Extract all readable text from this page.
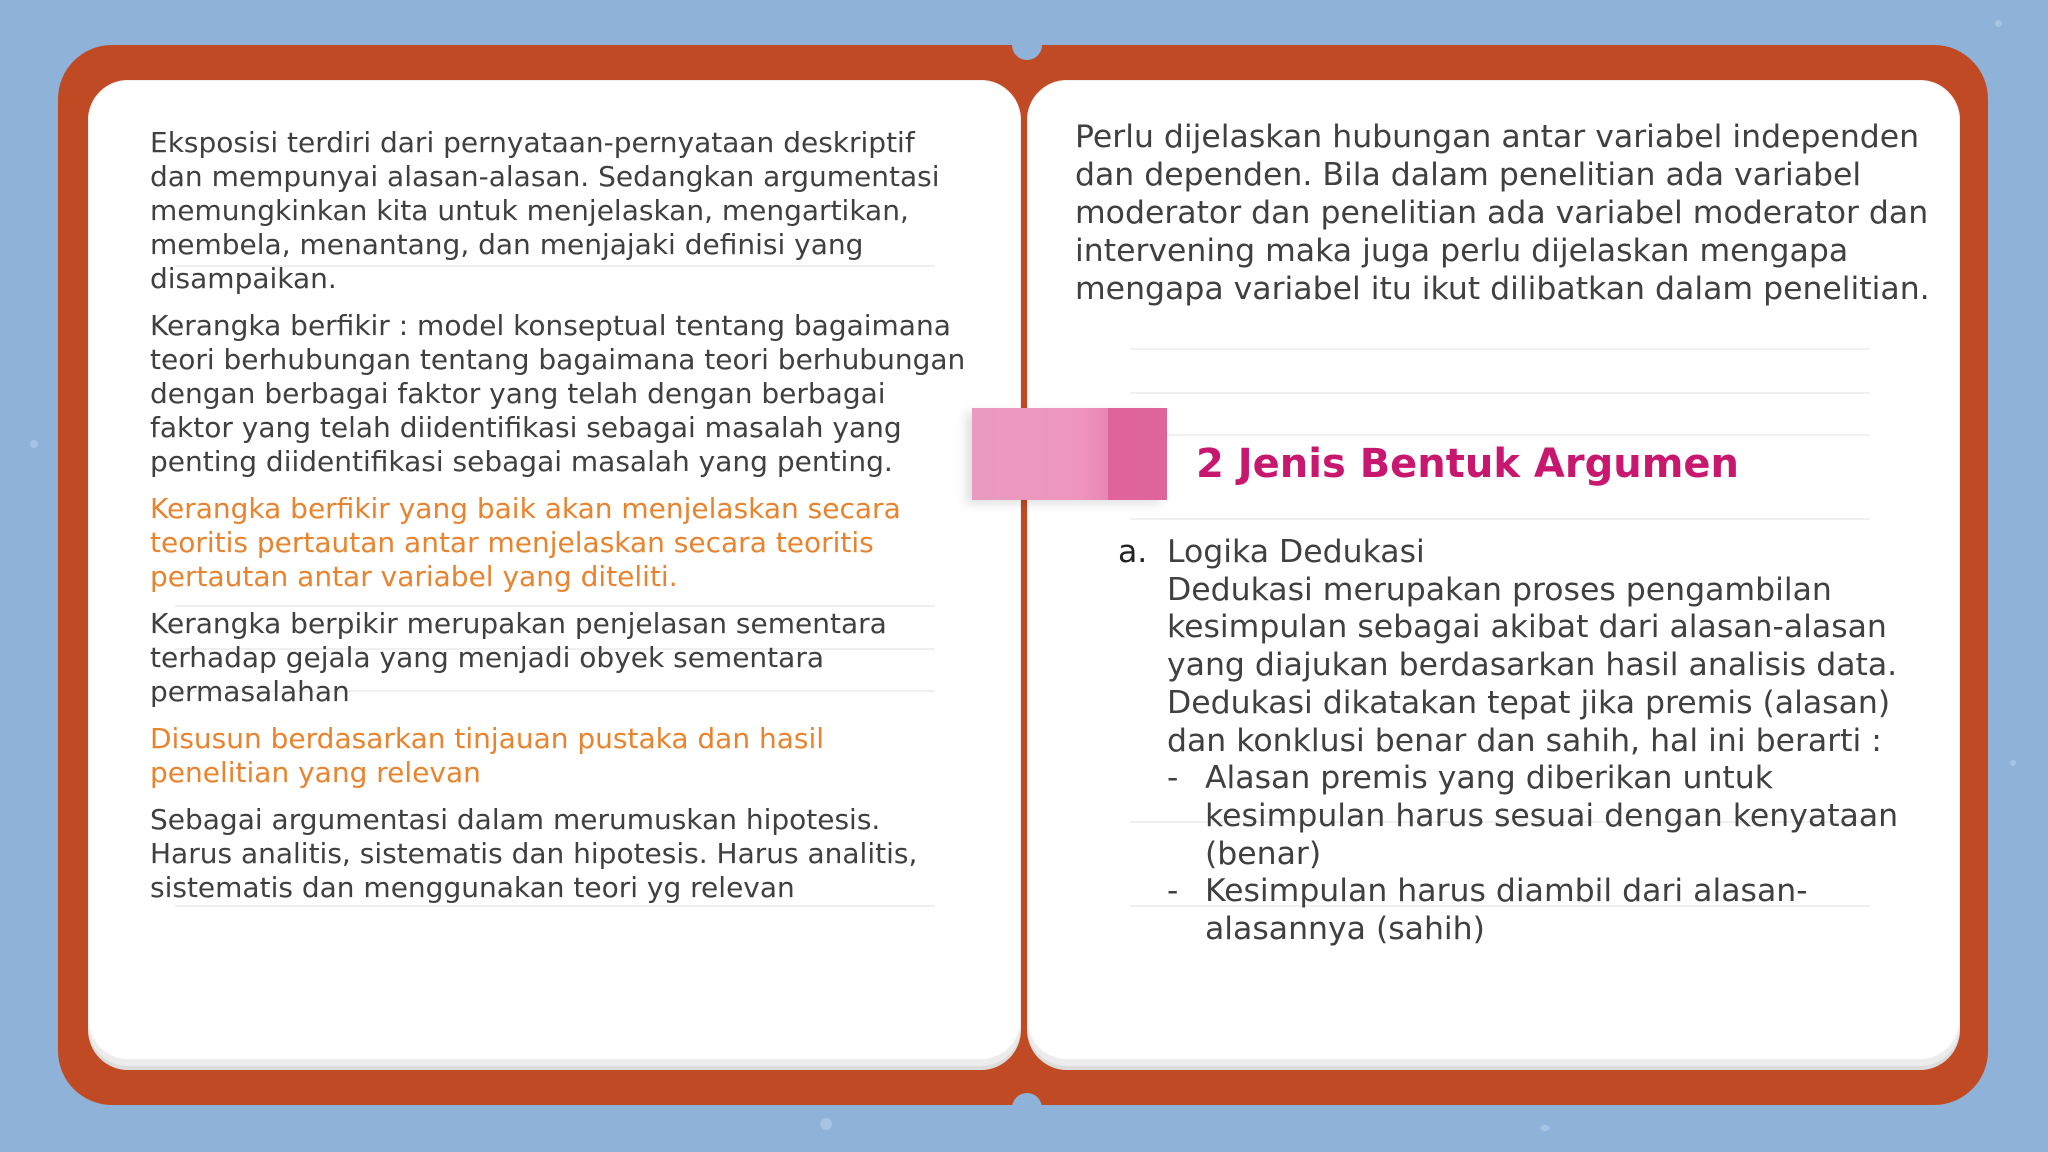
Eksposisi terdiri dari pernyataan-pernyataan deskriptif dan mempunyai alasan-alasan. Sedangkan argumentasi memungkinkan kita untuk menjelaskan, mengartikan, membela, menantang, dan menjajaki definisi yang disampaikan.

Kerangka berfikir : model konseptual tentang bagaimana teori berhubungan tentang bagaimana teori berhubungan dengan berbagai faktor yang telah dengan berbagai faktor yang telah diidentifikasi sebagai masalah yang penting diidentifikasi sebagai masalah yang penting.

Kerangka berfikir yang baik akan menjelaskan secara teoritis pertautan antar menjelaskan secara teoritis pertautan antar variabel yang diteliti.

Kerangka berpikir merupakan penjelasan sementara terhadap gejala yang menjadi obyek sementara permasalahan

Disusun berdasarkan tinjauan pustaka dan hasil penelitian yang relevan

Sebagai argumentasi dalam merumuskan hipotesis. Harus analitis, sistematis dan hipotesis. Harus analitis, sistematis dan menggunakan teori yg relevan

Perlu dijelaskan hubungan antar variabel independen dan dependen. Bila dalam penelitian ada variabel moderator dan penelitian ada variabel moderator dan intervening maka juga perlu dijelaskan mengapa mengapa variabel itu ikut dilibatkan dalam penelitian.

2 Jenis Bentuk Argumen
a. Logika Dedukasi
Dedukasi merupakan proses pengambilan kesimpulan sebagai akibat dari alasan-alasan yang diajukan berdasarkan hasil analisis data.
Dedukasi dikatakan tepat jika premis (alasan) dan konklusi benar dan sahih, hal ini berarti :
- Alasan premis yang diberikan untuk kesimpulan harus sesuai dengan kenyataan (benar)
- Kesimpulan harus diambil dari alasan-alasannya (sahih)
